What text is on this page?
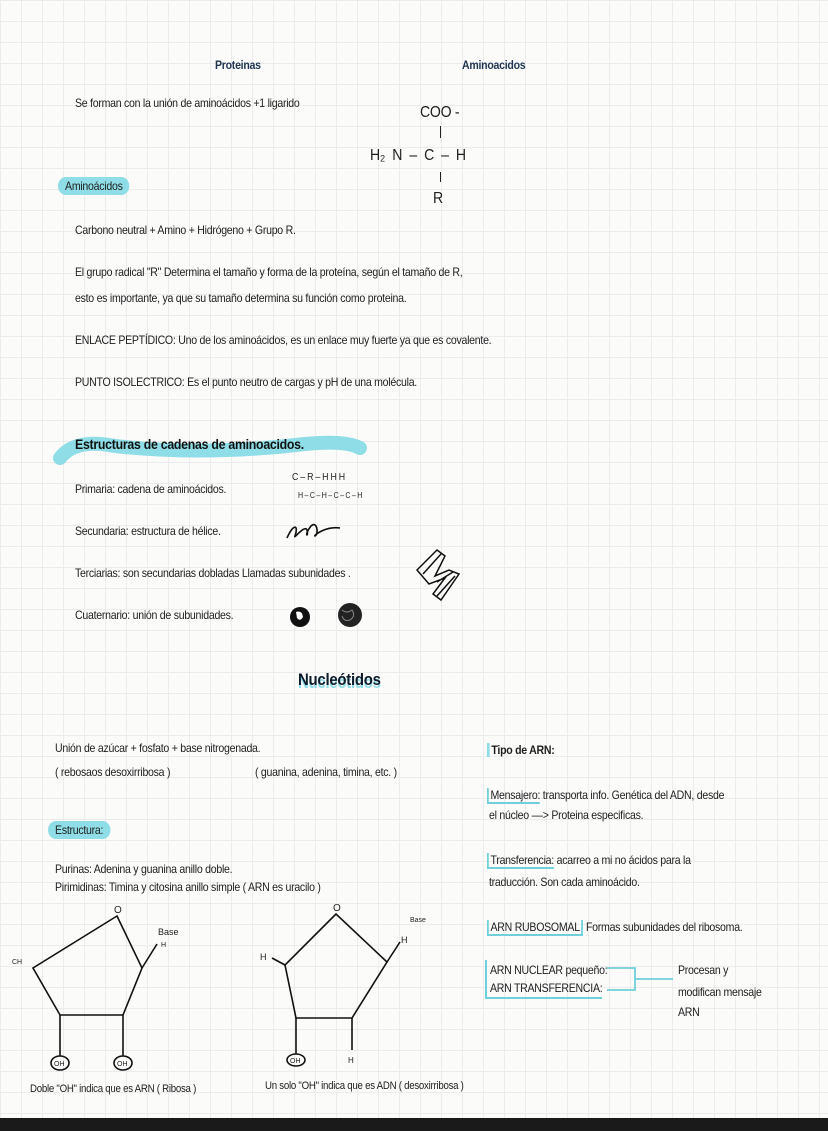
Proteinas	Aminoacidos
Se forman con la unión de aminoácidos +1 ligarido
COO -
H₂ N – C – H
R
Aminoácidos
Carbono neutral + Amino + Hidrógeno + Grupo R.
El grupo radical "R" Determina el tamaño y forma de la proteína, según el tamaño de R,
esto es importante, ya que su tamaño determina su función como proteina.
ENLACE PEPTÍDICO: Uno de los aminoácidos, es un enlace muy fuerte ya que es covalente.
PUNTO ISOLECTRICO: Es el punto neutro de cargas y pH de una molécula.
Estructuras de cadenas de aminoacidos.
Primaria: cadena de aminoácidos.
C – R – H H H
H – C – H – C – C – H
Secundaria: estructura de hélice.
Terciarias: son secundarias dobladas Llamadas subunidades .
Cuaternario: unión de subunidades.
Nucleótidos
Unión de azúcar + fosfato + base nitrogenada.
( rebosaos desoxirribosa )	( guanina, adenina, timina, etc. )
Estructura:
Purinas: Adenina y guanina anillo doble.
Pirimidinas: Timina y citosina anillo simple ( ARN es uracilo )
O
Base
H
CH
OH	OH
Doble "OH" indica que es ARN ( Ribosa )
O
Base
H
H
H
OH
Un solo "OH" indica que es ADN ( desoxirribosa )
Tipo de ARN:
Mensajero: transporta info. Genética del ADN, desde
el núcleo ––> Proteina especificas.
Transferencia: acarreo a mi no ácidos para la
traducción. Son cada aminoácido.
ARN RUBOSOMAL Formas subunidades del ribosoma.
ARN NUCLEAR pequeño:
ARN TRANSFERENCIA:
Procesan y
modifican mensaje
ARN
